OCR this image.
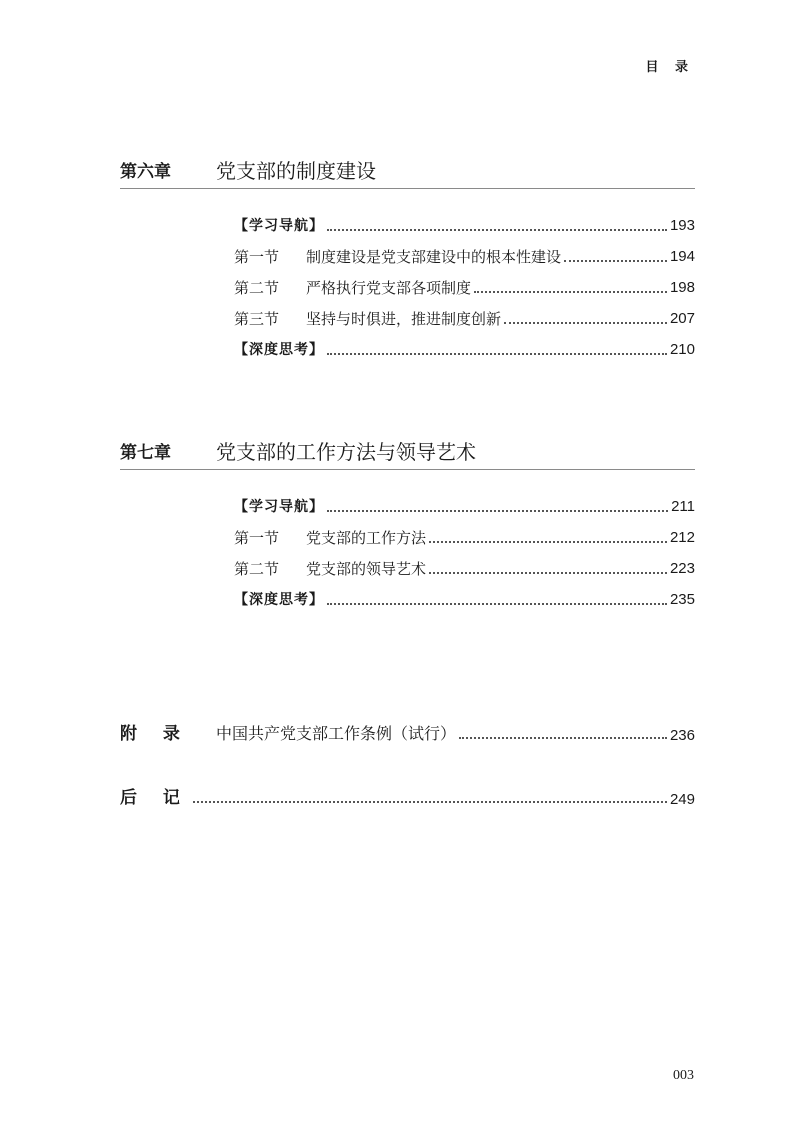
目 录
第六章 党支部的制度建设
【学习导航】	193
第一节 制度建设是党支部建设中的根本性建设	194
第二节 严格执行党支部各项制度	198
第三节 坚持与时俱进，推进制度创新	207
【深度思考】	210
第七章 党支部的工作方法与领导艺术
【学习导航】	211
第一节 党支部的工作方法	212
第二节 党支部的领导艺术	223
【深度思考】	235
附 录	中国共产党支部工作条例（试行）	236
后 记	249
003
